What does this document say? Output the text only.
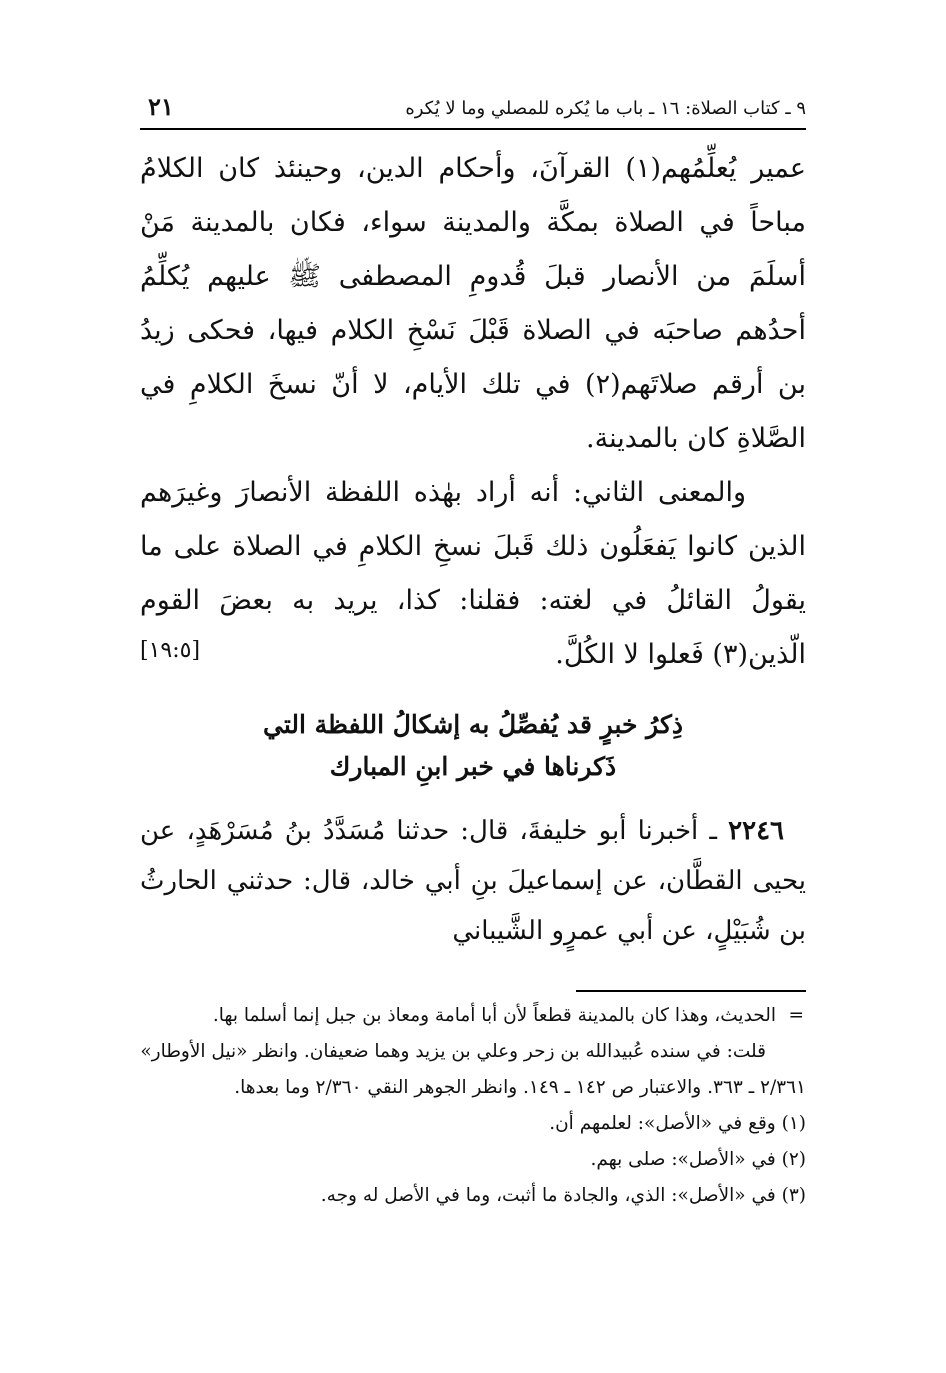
٩ ـ كتاب الصلاة: ١٦ ـ باب ما يُكره للمصلي وما لا يُكره
٢١

عمير يُعلِّمُهم(١) القرآنَ، وأحكام الدين، وحينئذ كان الكلامُ مباحاً في الصلاة بمكَّة والمدينة سواء، فكان بالمدينة مَنْ أسلَمَ من الأنصار قبلَ قُدومِ المصطفى ﷺ عليهم يُكلِّمُ أحدُهم صاحبَه في الصلاة قَبْلَ نَسْخِ الكلام فيها، فحكى زيدُ بن أرقم صلاتَهم(٢) في تلك الأيام، لا أنّ نسخَ الكلامِ في الصَّلاةِ كان بالمدينة.

والمعنى الثاني: أنه أراد بهٰذه اللفظة الأنصارَ وغيرَهم الذين كانوا يَفعَلُون ذلك قَبلَ نسخِ الكلامِ في الصلاة على ما يقولُ القائلُ في لغته: فقلنا: كذا، يريد به بعضَ القوم الّذين(٣) فَعلوا لا الكُلَّ.

[١٩:٥]
ذِكرُ خبرٍ قد يُفصِّلُ به إشكالُ اللفظة التي
ذَكرناها في خبر ابنِ المبارك

٢٢٤٦ ـ أخبرنا أبو خليفةَ، قال: حدثنا مُسَدَّدُ بنُ مُسَرْهَدٍ، عن يحيى القطَّان، عن إسماعيلَ بنِ أبي خالد، قال: حدثني الحارثُ بن شُبَيْلٍ، عن أبي عمرٍو الشَّيباني

=
الحديث، وهذا كان بالمدينة قطعاً لأن أبا أمامة ومعاذ بن جبل إنما أسلما بها.

قلت: في سنده عُبيدالله بن زحر وعلي بن يزيد وهما ضعيفان. وانظر «نيل الأوطار» ٢/٣٦١ ـ ٣٦٣. والاعتبار ص ١٤٢ ـ ١٤٩. وانظر الجوهر النقي ٢/٣٦٠ وما بعدها.

(١) وقع في «الأصل»: لعلمهم أن.

(٢) في «الأصل»: صلى بهم.

(٣) في «الأصل»: الذي، والجادة ما أثبت، وما في الأصل له وجه.
